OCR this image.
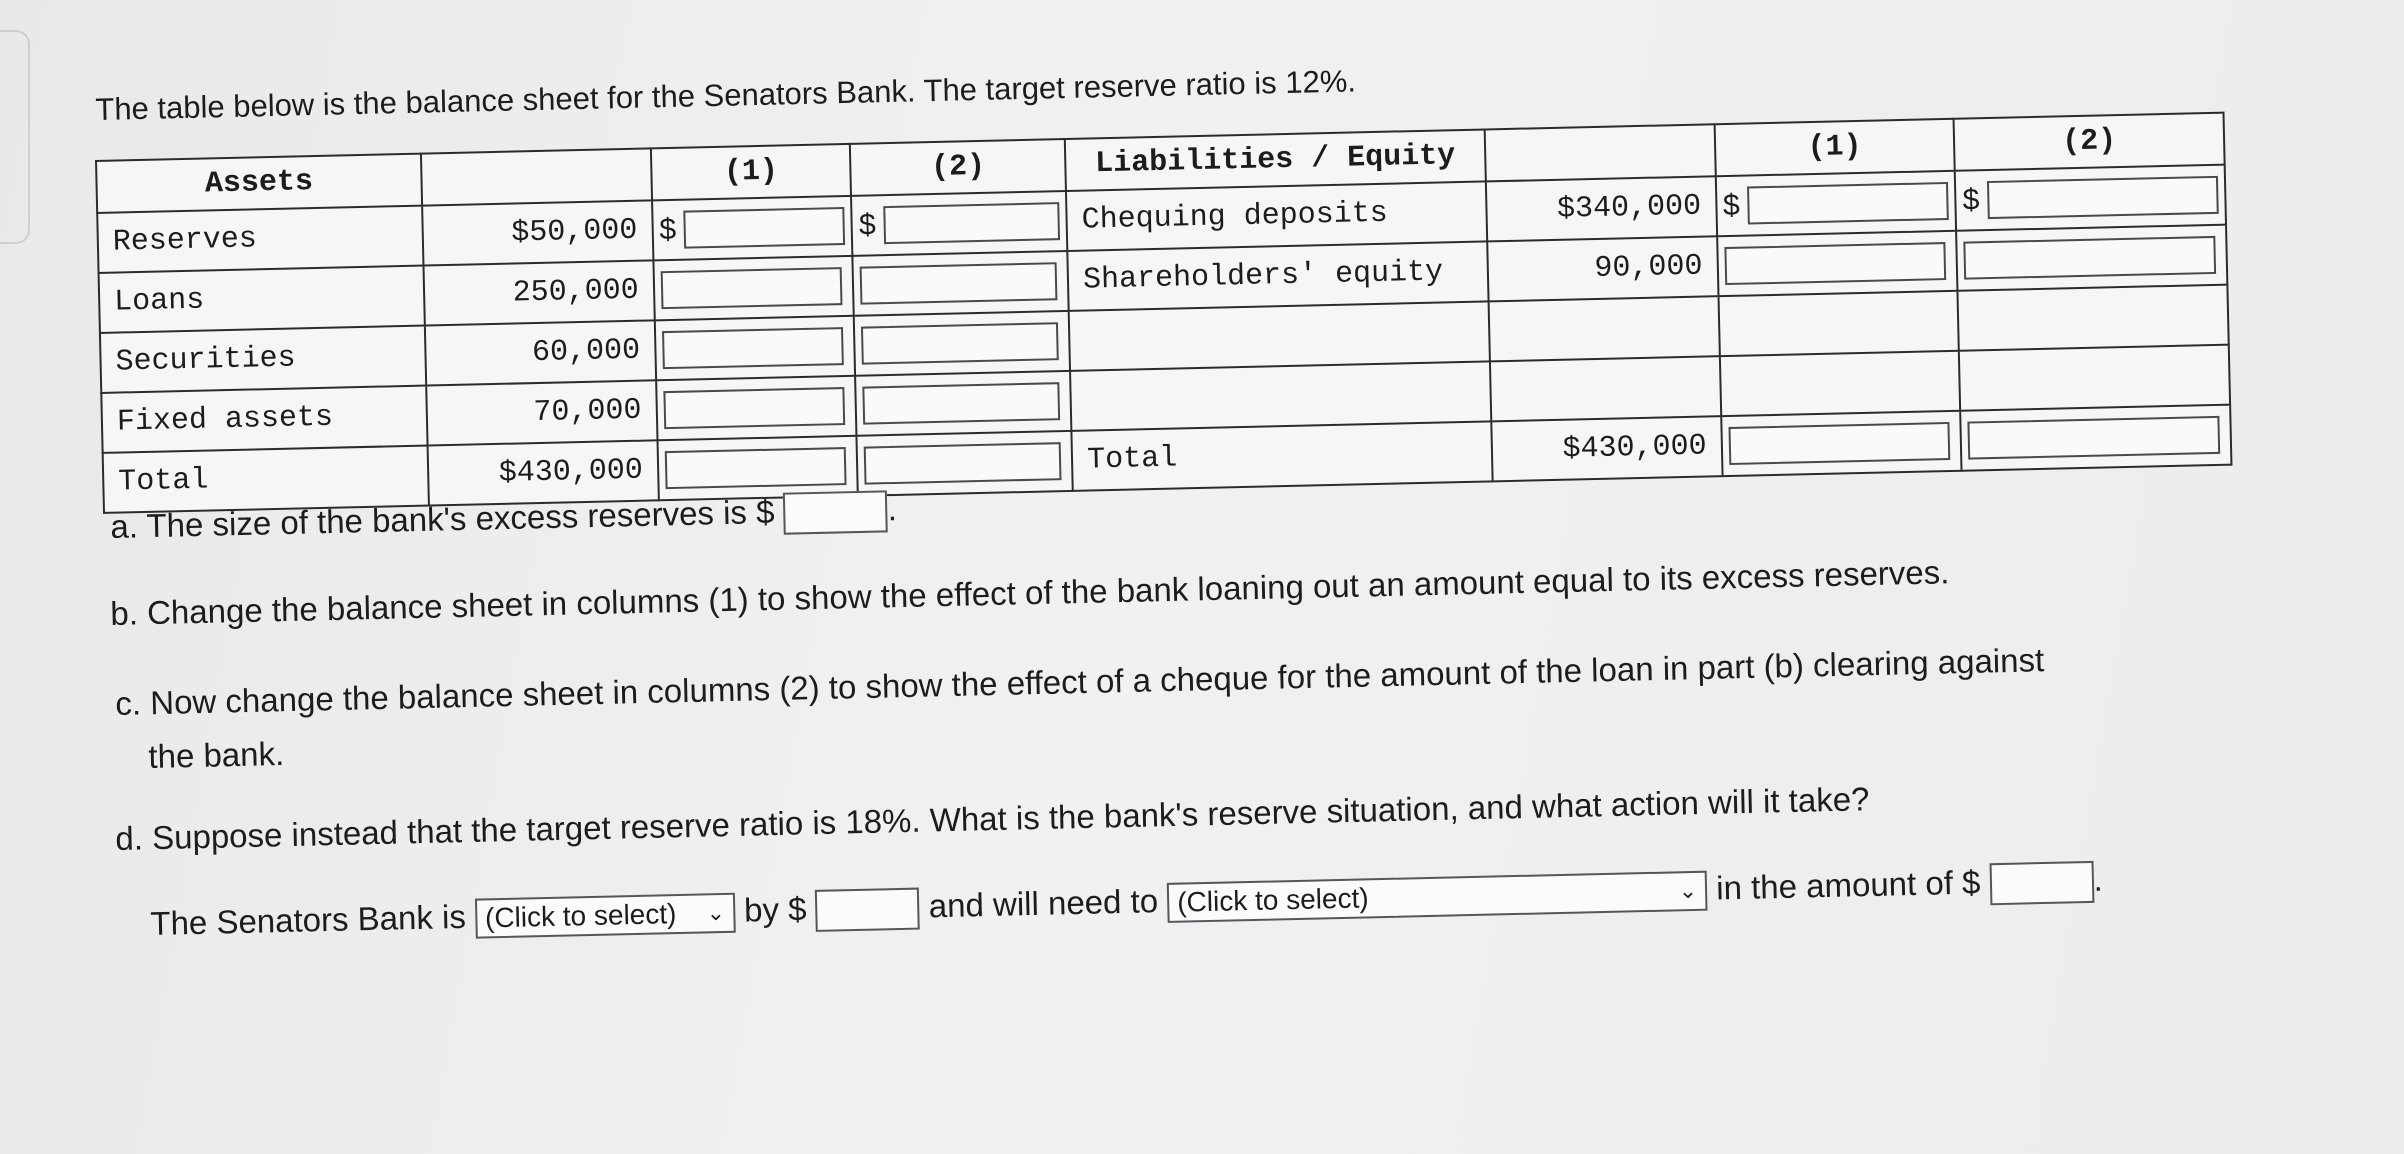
The table below is the balance sheet for the Senators Bank. The target reserve ratio is 12%.
Assets		(1)	(2)	Liabilities / Equity		(1)	(2)
Reserves	$50,000	$	$	Chequing deposits	$340,000	$	$

Loans	250,000			Shareholders' equity	90,000	

Securities	60,000	

Fixed assets	70,000	

Total	$430,000			Total	$430,000	

a. The size of the bank's excess reserves is $	.
b. Change the balance sheet in columns (1) to show the effect of the bank loaning out an amount equal to its excess reserves.
c. Now change the balance sheet in columns (2) to show the effect of a cheque for the amount of the loan in part (b) clearing against
the bank.
d. Suppose instead that the target reserve ratio is 18%. What is the bank's reserve situation, and what action will it take?
The Senators Bank is (Click to select) ⌄ by $	and will need to (Click to select)	⌄ in the amount of $	.
